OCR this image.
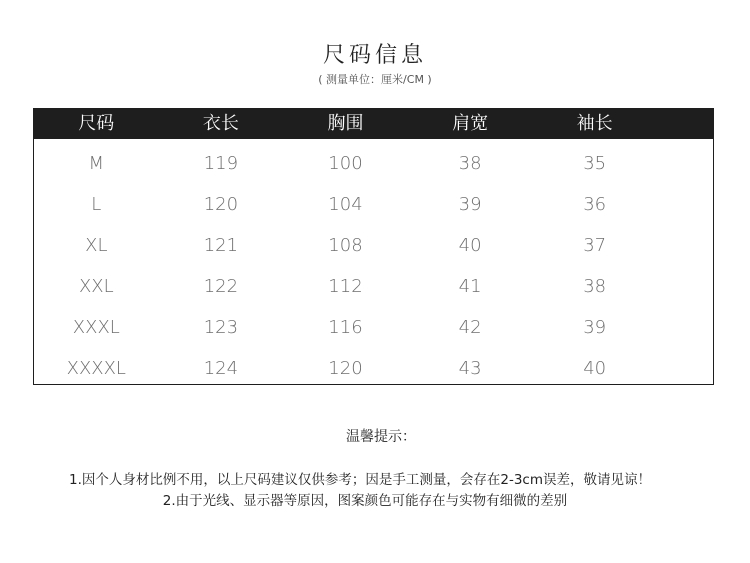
尺码信息
( 测量单位：厘米/CM )
尺码	衣长	胸围	肩宽	袖长
M	119	100	38	35
L	120	104	39	36
XL	121	108	40	37
XXL	122	112	41	38
XXXL	123	116	42	39
XXXXL	124	120	43	40
温馨提示：
1.因个人身材比例不用，以上尺码建议仅供参考；因是手工测量，会存在2-3cm误差，敬请见谅！
2.由于光线、显示器等原因，图案颜色可能存在与实物有细微的差别
